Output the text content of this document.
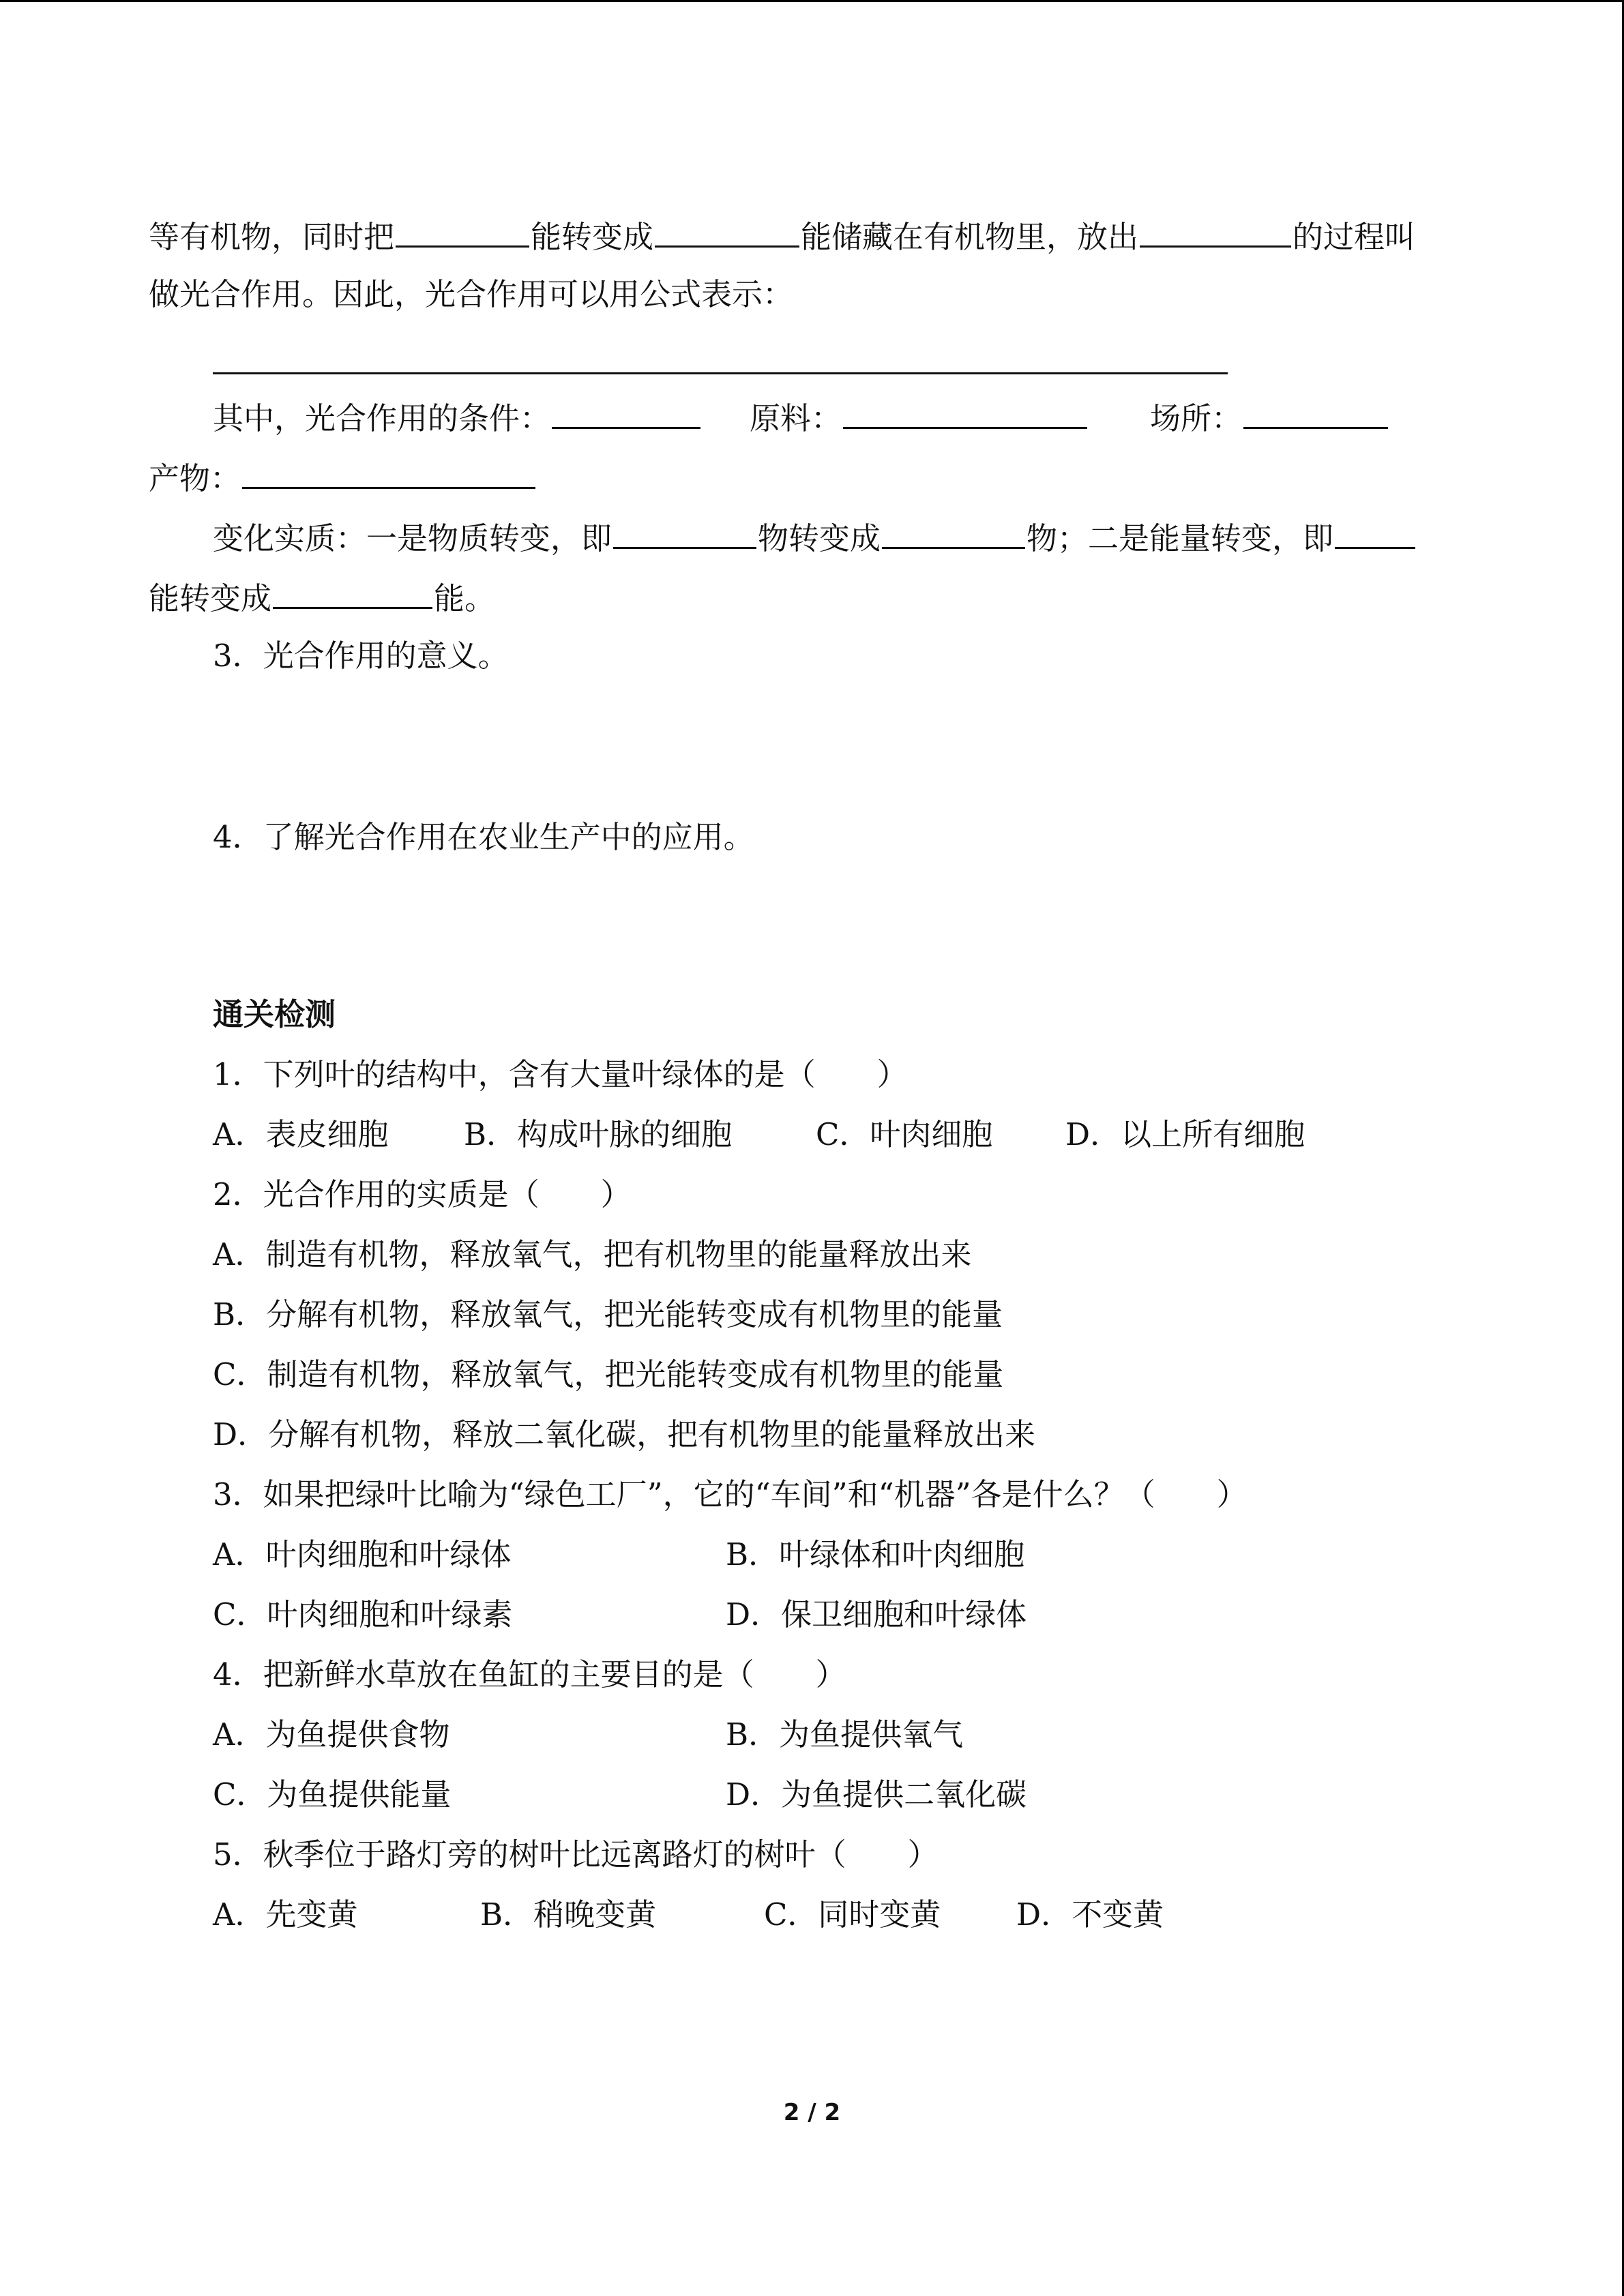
等有机物，同时把	能转变成	能储藏在有机物里，放出	的过程叫
做光合作用。因此，光合作用可以用公式表示：
其中，光合作用的条件：	原料：	场所：
产物：
变化实质：一是物质转变，即	物转变成	物；二是能量转变，即
能转变成	能。
3．光合作用的意义。
4．了解光合作用在农业生产中的应用。
通关检测
1．下列叶的结构中，含有大量叶绿体的是（　　）
A．表皮细胞 B．构成叶脉的细胞	C．叶肉细胞 D．以上所有细胞
2．光合作用的实质是（　　）
A．制造有机物，释放氧气，把有机物里的能量释放出来
B．分解有机物，释放氧气，把光能转变成有机物里的能量
C．制造有机物，释放氧气，把光能转变成有机物里的能量
D．分解有机物，释放二氧化碳，把有机物里的能量释放出来
3．如果把绿叶比喻为“绿色工厂”，它的“车间”和“机器”各是什么？（　　）
A．叶肉细胞和叶绿体	B．叶绿体和叶肉细胞
C．叶肉细胞和叶绿素	D．保卫细胞和叶绿体
4．把新鲜水草放在鱼缸的主要目的是（　　）
A．为鱼提供食物	B．为鱼提供氧气
C．为鱼提供能量	D．为鱼提供二氧化碳
5．秋季位于路灯旁的树叶比远离路灯的树叶（　　）
A．先变黄	B．稍晚变黄	C．同时变黄 D．不变黄
2 / 2
